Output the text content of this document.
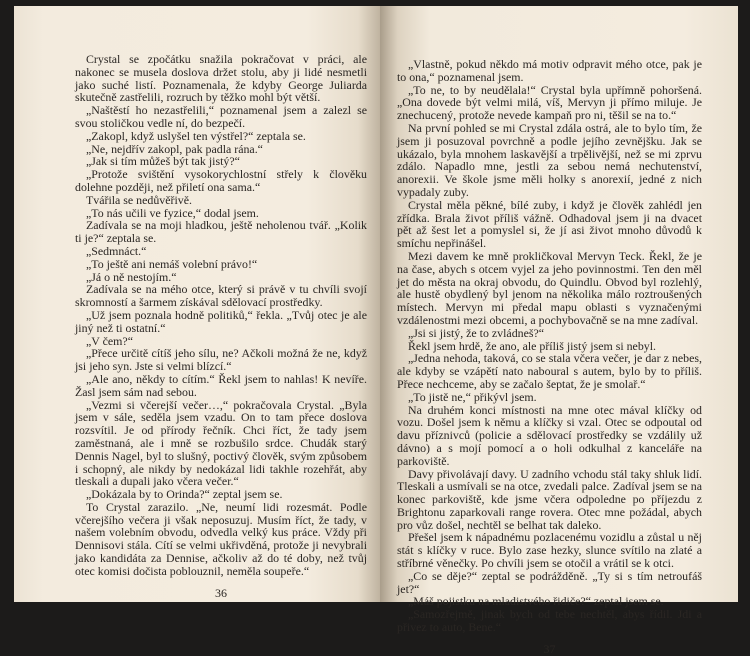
Crystal se zpočátku snažila pokračovat v práci, ale nakonec se musela doslova držet stolu, aby ji lidé nesmetli jako suché listí. Poznamenala, že kdyby George Juliarda skutečně zastřelili, rozruch by těžko mohl být větší.

„Naštěstí ho nezastřelili,“ poznamenal jsem a zalezl se svou stoličkou vedle ní, do bezpečí.

„Zakopl, když uslyšel ten výstřel?“ zeptala se.

„Ne, nejdřív zakopl, pak padla rána.“

„Jak si tím můžeš být tak jistý?“

„Protože svištění vysokorychlostní střely k člověku dolehne později, než přiletí ona sama.“

Tvářila se nedůvěřivě.

„To nás učili ve fyzice,“ dodal jsem.

Zadívala se na moji hladkou, ještě neholenou tvář. „Kolik ti je?“ zeptala se.

„Sedmnáct.“

„To ještě ani nemáš volební právo!“

„Já o ně nestojím.“

Zadívala se na mého otce, který si právě v tu chvíli svojí skromností a šarmem získával sdělovací prostředky.

„Už jsem poznala hodně politiků,“ řekla. „Tvůj otec je ale jiný než ti ostatní.“

„V čem?“

„Přece určitě cítíš jeho sílu, ne? Ačkoli možná že ne, když jsi jeho syn. Jste si velmi blízcí.“

„Ale ano, někdy to cítím.“ Řekl jsem to nahlas! K nevíře. Žasl jsem sám nad sebou.

„Vezmi si včerejší večer…,“ pokračovala Crystal. „Byla jsem v sále, seděla jsem vzadu. On to tam přece doslova rozsvítil. Je od přírody řečník. Chci říct, že tady jsem zaměstnaná, ale i mně se rozbušilo srdce. Chudák starý Dennis Nagel, byl to slušný, poctivý člověk, svým způsobem i schopný, ale nikdy by nedokázal lidi takhle rozehřát, aby tleskali a dupali jako včera večer.“

„Dokázala by to Orinda?“ zeptal jsem se.

To Crystal zarazilo. „Ne, neumí lidi rozesmát. Podle včerejšího večera ji však neposuzuj. Musím říct, že tady, v našem volebním obvodu, odvedla velký kus práce. Vždy při Dennisovi stála. Cítí se velmi ukřivděná, protože ji nevybrali jako kandidáta za Dennise, ačkoliv až do té doby, než tvůj otec komisi dočista poblouznil, neměla soupeře.“

36

„Vlastně, pokud někdo má motiv odpravit mého otce, pak je to ona,“ poznamenal jsem.

„To ne, to by neudělala!“ Crystal byla upřímně pohoršená. „Ona dovede být velmi milá, víš, Mervyn ji přímo miluje. Je znechucený, protože nevede kampaň pro ni, těšil se na to.“

Na první pohled se mi Crystal zdála ostrá, ale to bylo tím, že jsem ji posuzoval povrchně a podle jejího zevnějšku. Jak se ukázalo, byla mnohem laskavější a trpělivější, než se mi zprvu zdálo. Napadlo mne, jestli za sebou nemá nechutenství, anorexii. Ve škole jsme měli holky s anorexií, jedné z nich vypadaly zuby.

Crystal měla pěkné, bílé zuby, i když je člověk zahlédl jen zřídka. Brala život příliš vážně. Odhadoval jsem ji na dvacet pět až šest let a pomyslel si, že jí asi život mnoho důvodů k smíchu nepřinášel.

Mezi davem ke mně prokličkoval Mervyn Teck. Řekl, že je na čase, abych s otcem vyjel za jeho povinnostmi. Ten den měl jet do města na okraj obvodu, do Quindlu. Obvod byl rozlehlý, ale hustě obydlený byl jenom na několika málo roztroušených místech. Mervyn mi předal mapu oblasti s vyznačenými vzdálenostmi mezi obcemi, a pochybovačně se na mne zadíval.

„Jsi si jistý, že to zvládneš?“

Řekl jsem hrdě, že ano, ale příliš jistý jsem si nebyl.

„Jedna nehoda, taková, co se stala včera večer, je dar z nebes, ale kdyby se vzápětí nato naboural s autem, bylo by to příliš. Přece nechceme, aby se začalo šeptat, že je smolař.“

„To jistě ne,“ přikývl jsem.

Na druhém konci místnosti na mne otec mával klíčky od vozu. Došel jsem k němu a klíčky si vzal. Otec se odpoutal od davu příznivců (policie a sdělovací prostředky se vzdálily už dávno) a s mojí pomocí a o holi odkulhal z kanceláře na parkoviště.

Davy přivolávají davy. U zadního vchodu stál taky shluk lidí. Tleskali a usmívali se na otce, zvedali palce. Zadíval jsem se na konec parkoviště, kde jsme včera odpoledne po příjezdu z Brightonu zaparkovali range rovera. Otec mne požádal, abych pro vůz došel, nechtěl se belhat tak daleko.

Přešel jsem k nápadnému pozlacenému vozidlu a zůstal u něj stát s klíčky v ruce. Bylo zase hezky, slunce svítilo na zlaté a stříbrné věnečky. Po chvíli jsem se otočil a vrátil se k otci.

„Co se děje?“ zeptal se podrážděně. „Ty si s tím netroufáš jet?“

„Máš pojistku na mladistvého řidiče?“ zeptal jsem se.

„Samozřejmě, jinak bych od tebe nechtěl, abys řídil. Jdi a přivez to auto, Bene.“

37
